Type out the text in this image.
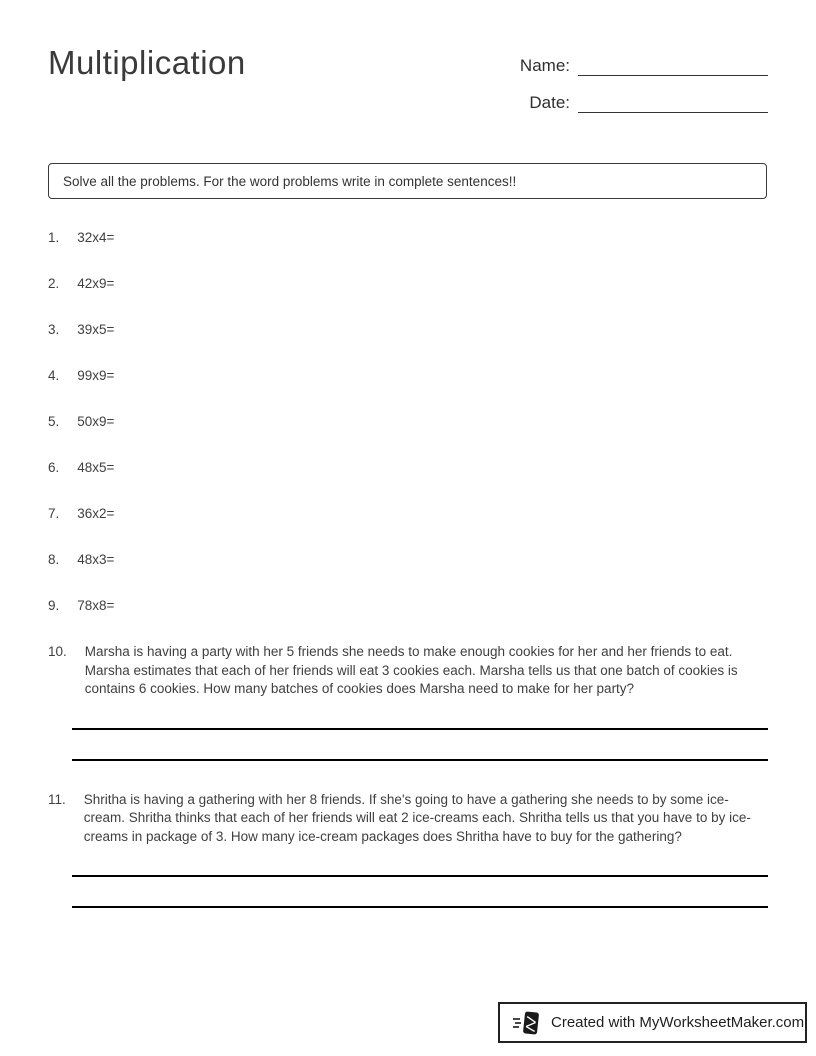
Multiplication	Name:
Date:
Solve all the problems. For the word problems write in complete sentences!!
1. 32x4=
2. 42x9=
3. 39x5=
4. 99x9=
5. 50x9=
6. 48x5=
7. 36x2=
8. 48x3=
9. 78x8=
10. Marsha is having a party with her 5 friends she needs to make enough cookies for her and her friends to eat. Marsha estimates that each of her friends will eat 3 cookies each. Marsha tells us that one batch of cookies is contains 6 cookies. How many batches of cookies does Marsha need to make for her party?
11. Shritha is having a gathering with her 8 friends. If she's going to have a gathering she needs to by some ice-cream. Shritha thinks that each of her friends will eat 2 ice-creams each. Shritha tells us that you have to by ice-creams in package of 3. How many ice-cream packages does Shritha have to buy for the gathering?
Created with MyWorksheetMaker.com
